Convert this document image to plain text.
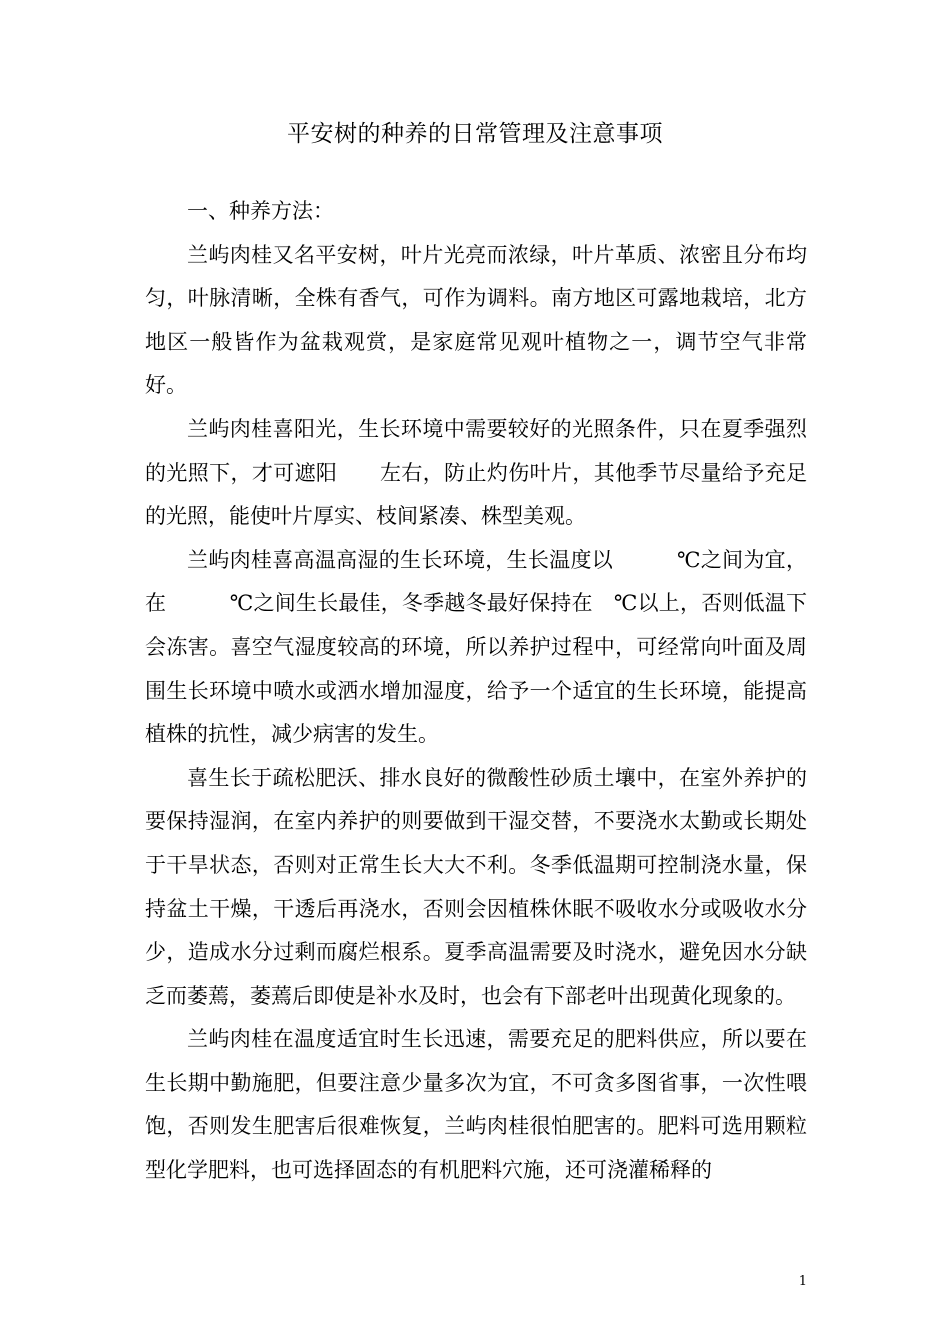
平安树的种养的日常管理及注意事项

一、种养方法：

兰屿肉桂又名平安树，叶片光亮而浓绿，叶片革质、浓密且分布均匀，叶脉清晰，全株有香气，可作为调料。南方地区可露地栽培，北方地区一般皆作为盆栽观赏，是家庭常见观叶植物之一，调节空气非常好。

兰屿肉桂喜阳光，生长环境中需要较好的光照条件，只在夏季强烈的光照下，才可遮阳　　左右，防止灼伤叶片，其他季节尽量给予充足的光照，能使叶片厚实、枝间紧凑、株型美观。

兰屿肉桂喜高温高湿的生长环境，生长温度以　　　℃之间为宜，在　　　℃之间生长最佳，冬季越冬最好保持在　℃以上，否则低温下会冻害。喜空气湿度较高的环境，所以养护过程中，可经常向叶面及周围生长环境中喷水或洒水增加湿度，给予一个适宜的生长环境，能提高植株的抗性，减少病害的发生。

喜生长于疏松肥沃、排水良好的微酸性砂质土壤中，在室外养护的要保持湿润，在室内养护的则要做到干湿交替，不要浇水太勤或长期处于干旱状态，否则对正常生长大大不利。冬季低温期可控制浇水量，保持盆土干燥，干透后再浇水，否则会因植株休眠不吸收水分或吸收水分少，造成水分过剩而腐烂根系。夏季高温需要及时浇水，避免因水分缺乏而萎蔫，萎蔫后即使是补水及时，也会有下部老叶出现黄化现象的。

兰屿肉桂在温度适宜时生长迅速，需要充足的肥料供应，所以要在生长期中勤施肥，但要注意少量多次为宜，不可贪多图省事，一次性喂饱，否则发生肥害后很难恢复，兰屿肉桂很怕肥害的。肥料可选用颗粒型化学肥料，也可选择固态的有机肥料穴施，还可浇灌稀释的

1
